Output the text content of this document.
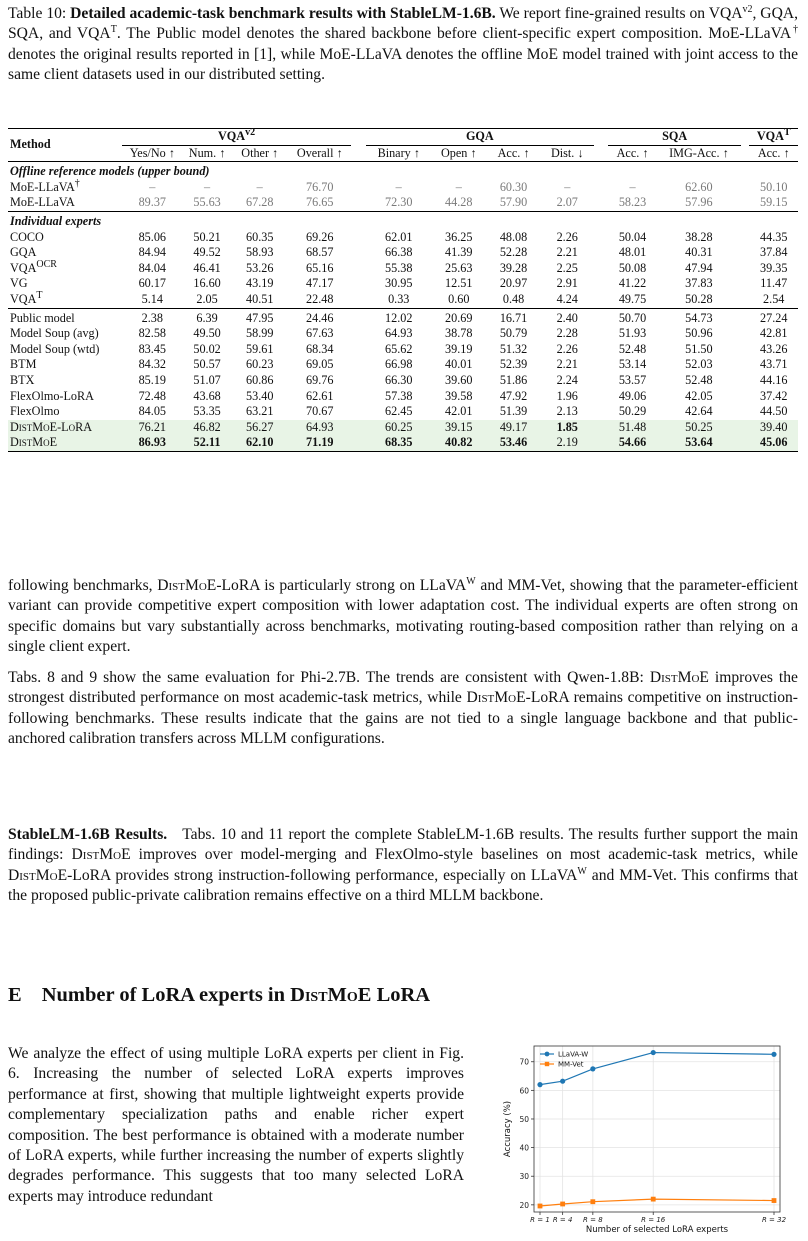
Table 10: Detailed academic-task benchmark results with StableLM-1.6B. We report fine-grained results on $VQA^{v2}$, GQA, SQA, and $VQA^T$. The Public model denotes the shared backbone before client-specific expert composition. MoE-LLaVA† denotes the original results reported in [1], while MoE-LLaVA denotes the offline MoE model trained with joint access to the same client datasets used in our distributed setting.
Method	$VQA^{v2}$					GQA					SQA			$VQA^T$
	Yes/No ↑	Num. ↑	Other ↑	Overall ↑		Binary ↑	Open ↑	Acc. ↑	Dist. ↓		Acc. ↑	IMG-Acc. ↑		Acc. ↑
Offline reference models (upper bound)														
MoE-LLaVA†	–	–	–	76.70		–	–	60.30	–		–	62.60		50.10
MoE-LLaVA	89.37	55.63	67.28	76.65		72.30	44.28	57.90	2.07		58.23	57.96		59.15
Individual experts														
COCO	85.06	50.21	60.35	69.26		62.01	36.25	48.08	2.26		50.04	38.28		44.35
GQA	84.94	49.52	58.93	68.57		66.38	41.39	52.28	2.21		48.01	40.31		37.84
$VQA^{OCR}$	84.04	46.41	53.26	65.16		55.38	25.63	39.28	2.25		50.08	47.94		39.35
VG	60.17	16.60	43.19	47.17		30.95	12.51	20.97	2.91		41.22	37.83		11.47
$VQA^T$	5.14	2.05	40.51	22.48		0.33	0.60	0.48	4.24		49.75	50.28		2.54
Public model	2.38	6.39	47.95	24.46		12.02	20.69	16.71	2.40		50.70	54.73		27.24
Model Soup (avg)	82.58	49.50	58.99	67.63		64.93	38.78	50.79	2.28		51.93	50.96		42.81
Model Soup (wtd)	83.45	50.02	59.61	68.34		65.62	39.19	51.32	2.26		52.48	51.50		43.26
BTM	84.32	50.57	60.23	69.05		66.98	40.01	52.39	2.21		53.14	52.03		43.71
BTX	85.19	51.07	60.86	69.76		66.30	39.60	51.86	2.24		53.57	52.48		44.16
FlexOlmo-LoRA	72.48	43.68	53.40	62.61		57.38	39.58	47.92	1.96		49.06	42.05		37.42
FlexOlmo	84.05	53.35	63.21	70.67		62.45	42.01	51.39	2.13		50.29	42.64		44.50
DistMoE-LoRA	76.21	46.82	56.27	64.93		60.25	39.15	49.17	1.85		51.48	50.25		39.40
DistMoE	86.93	52.11	62.10	71.19		68.35	40.82	53.46	2.19		54.66	53.64		45.06
following benchmarks, DistMoE-LoRA is particularly strong on LLaVA$^W$ and MM-Vet, showing that the parameter-efficient variant can provide competitive expert composition with lower adaptation cost. The individual experts are often strong on specific domains but vary substantially across benchmarks, motivating routing-based composition rather than relying on a single client expert.
Tabs. 8 and 9 show the same evaluation for Phi-2.7B. The trends are consistent with Qwen-1.8B: DistMoE improves the strongest distributed performance on most academic-task metrics, while DistMoE-LoRA remains competitive on instruction-following benchmarks. These results indicate that the gains are not tied to a single language backbone and that public-anchored calibration transfers across MLLM configurations.
StableLM-1.6B Results. Tabs. 10 and 11 report the complete StableLM-1.6B results. The results further support the main findings: DistMoE improves over model-merging and FlexOlmo-style baselines on most academic-task metrics, while DistMoE-LoRA provides strong instruction-following performance, especially on LLaVA$^W$ and MM-Vet. This confirms that the proposed public-private calibration remains effective on a third MLLM backbone.
E Number of LoRA experts in DistMoE LoRA
We analyze the effect of using multiple LoRA experts per client in Fig. 6. Increasing the number of selected LoRA experts improves performance at first, showing that multiple lightweight experts provide complementary specialization paths and enable richer expert composition. The best performance is obtained with a moderate number of LoRA experts, while further increasing the number of experts slightly degrades performance. This suggests that too many selected LoRA experts may introduce redundant
20
30
40
50
60
70
R = 1 R = 4 R = 8	R = 16	R = 32
Number of selected LoRA experts
Accuracy (%)
LLaVA-W
MM-Vet
